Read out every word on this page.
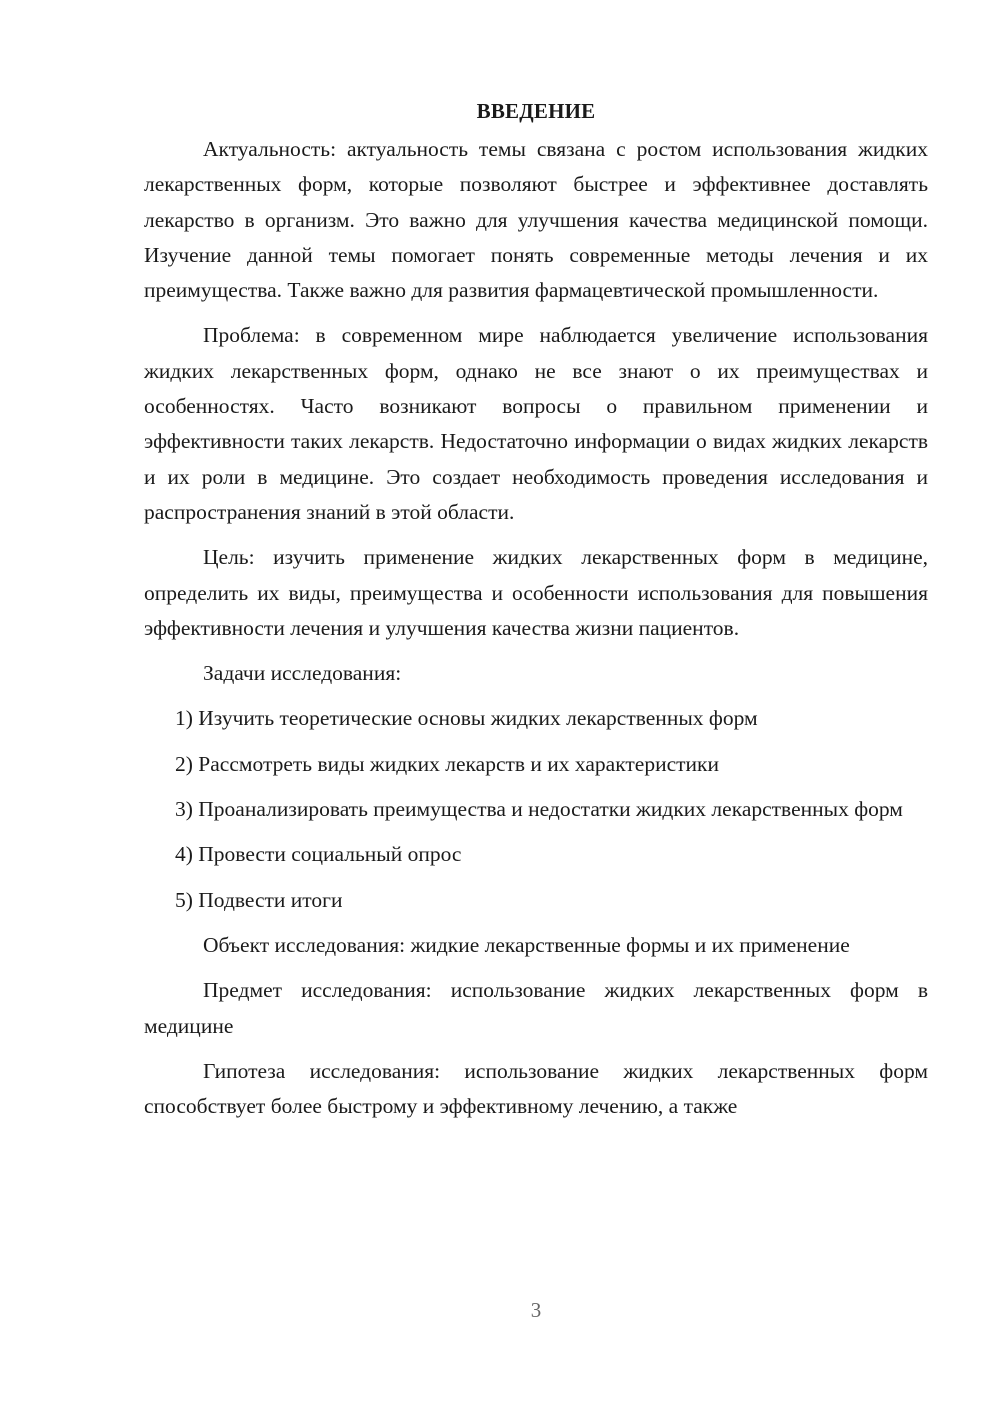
ВВЕДЕНИЕ

Актуальность: актуальность темы связана с ростом использования жидких лекарственных форм, которые позволяют быстрее и эффективнее доставлять лекарство в организм. Это важно для улучшения качества медицинской помощи. Изучение данной темы помогает понять современные методы лечения и их преимущества. Также важно для развития фармацевтической промышленности.

Проблема: в современном мире наблюдается увеличение использования жидких лекарственных форм, однако не все знают о их преимуществах и особенностях. Часто возникают вопросы о правильном применении и эффективности таких лекарств. Недостаточно информации о видах жидких лекарств и их роли в медицине. Это создает необходимость проведения исследования и распространения знаний в этой области.

Цель: изучить применение жидких лекарственных форм в медицине, определить их виды, преимущества и особенности использования для повышения эффективности лечения и улучшения качества жизни пациентов.

Задачи исследования:

1) Изучить теоретические основы жидких лекарственных форм

2) Рассмотреть виды жидких лекарств и их характеристики

3) Проанализировать преимущества и недостатки жидких лекарственных форм

4) Провести социальный опрос

5) Подвести итоги

Объект исследования: жидкие лекарственные формы и их применение

Предмет исследования: использование жидких лекарственных форм в медицине

Гипотеза исследования: использование жидких лекарственных форм способствует более быстрому и эффективному лечению, а также

3
